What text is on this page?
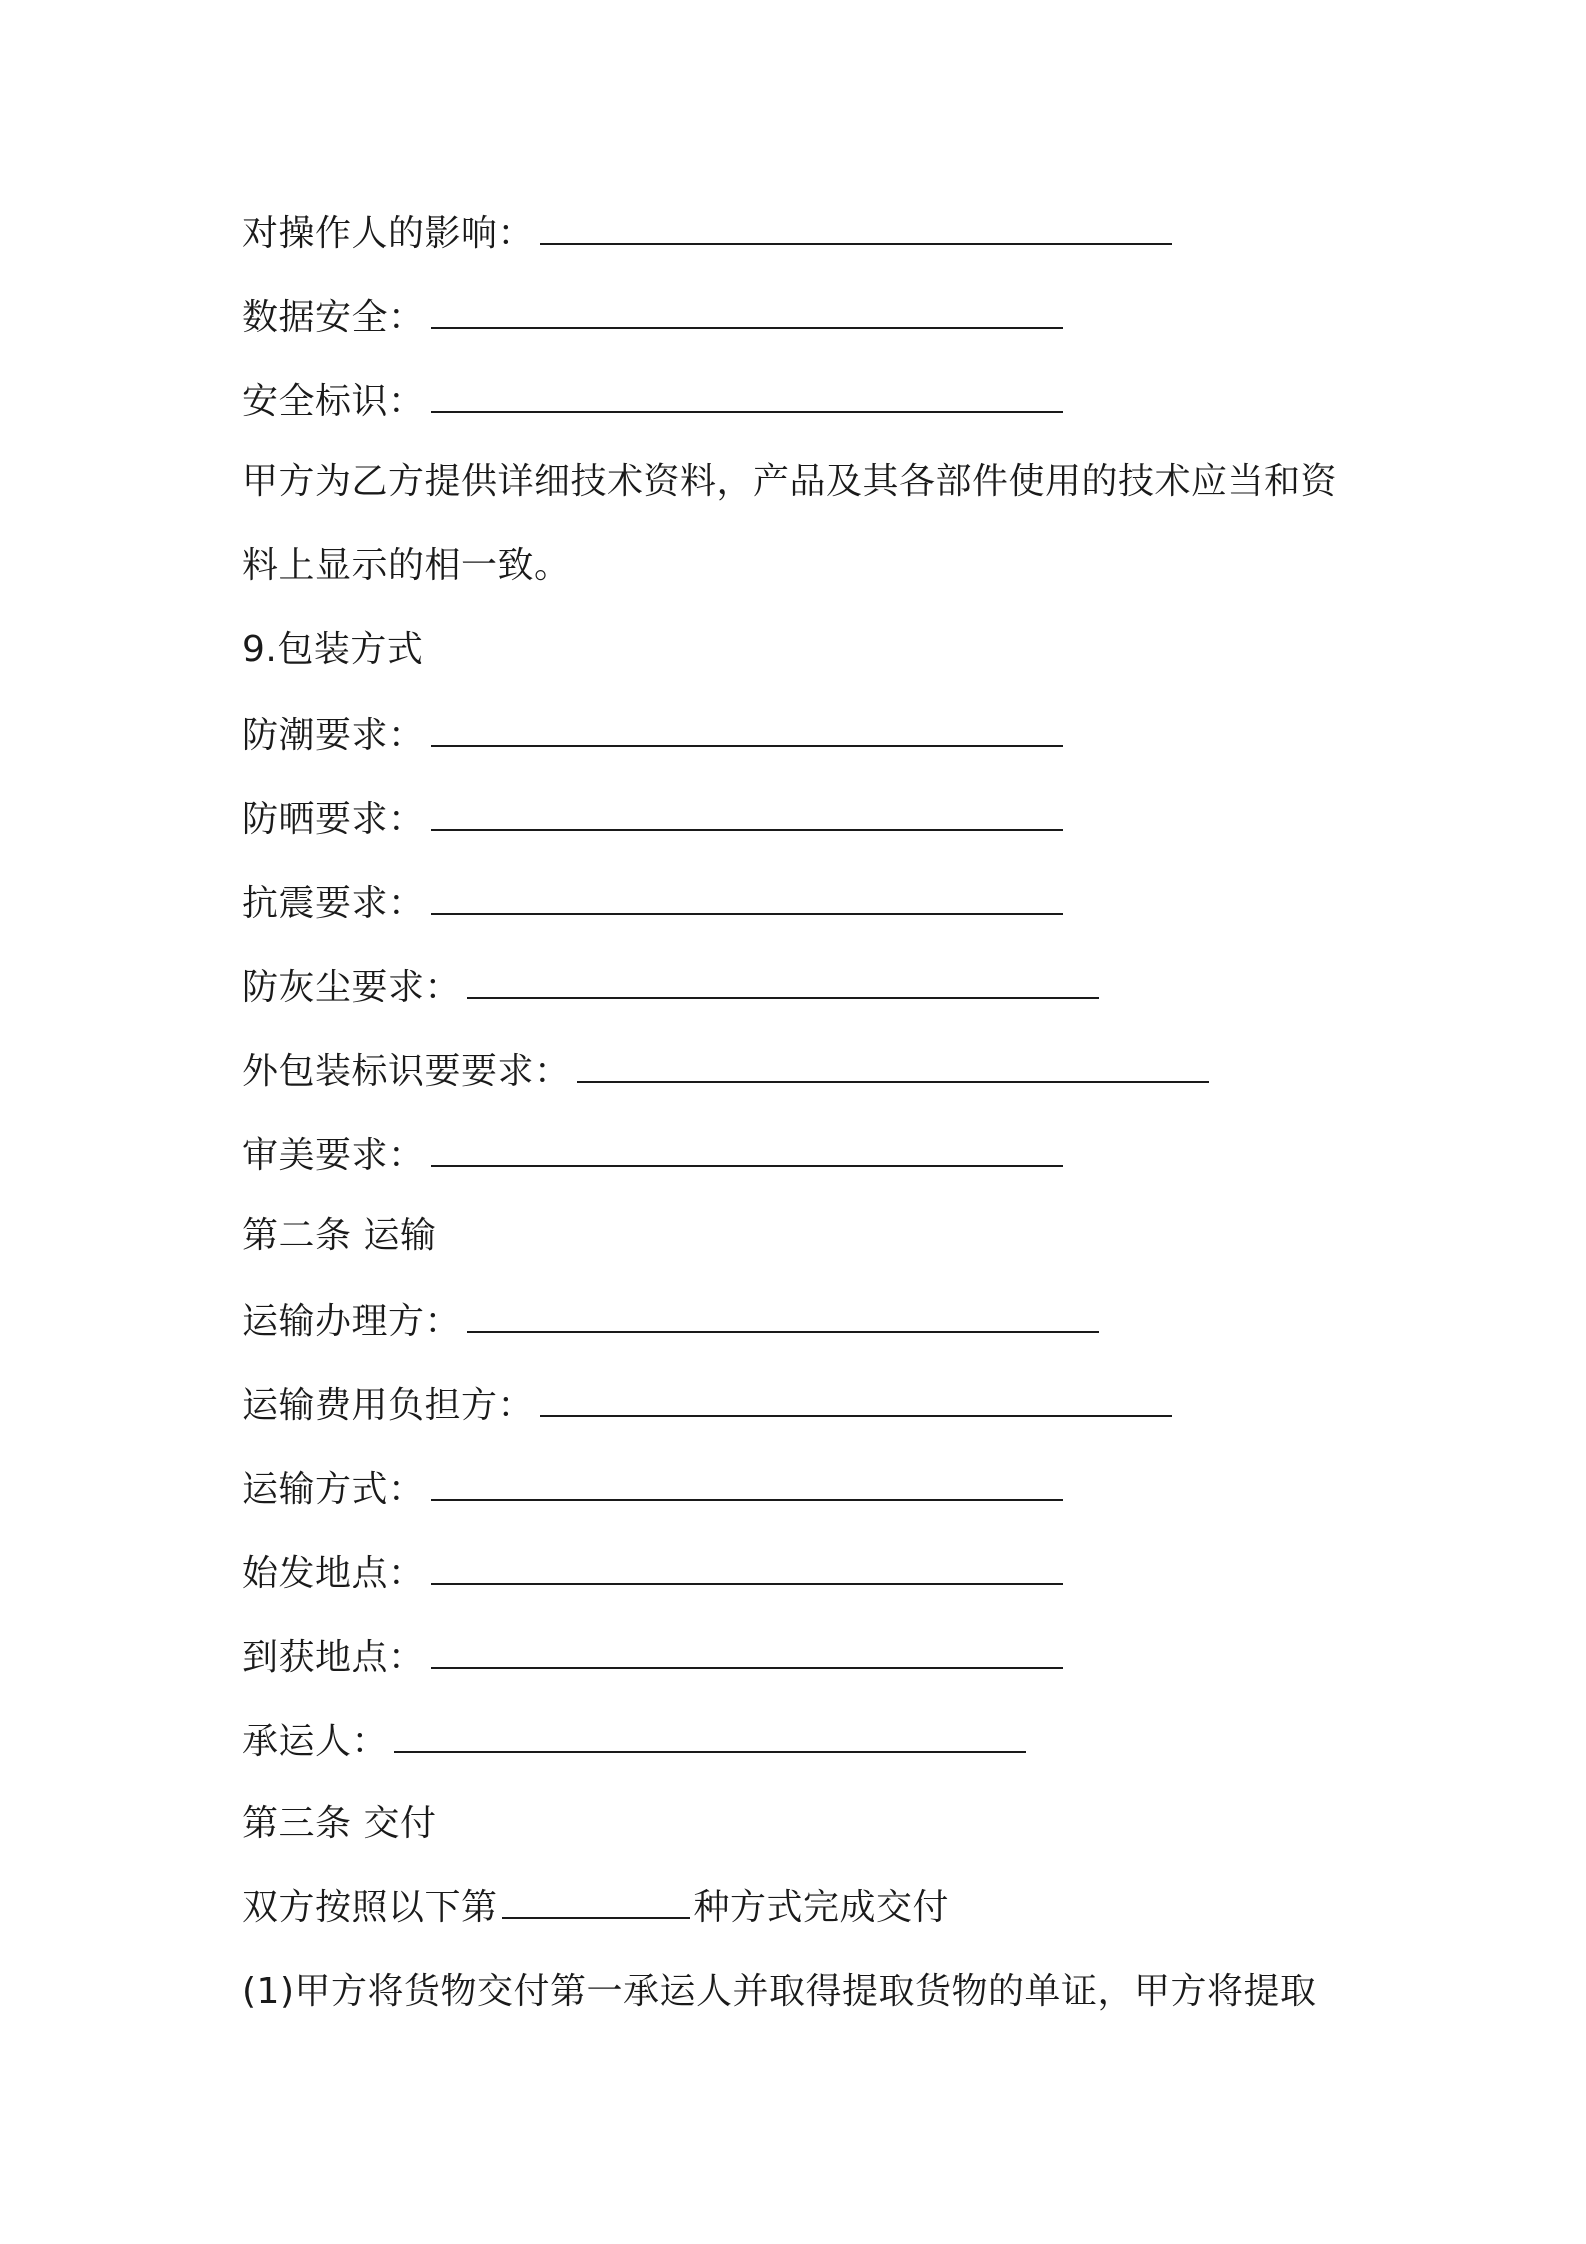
对操作人的影响：
数据安全：
安全标识：
甲方为乙方提供详细技术资料，产品及其各部件使用的技术应当和资
料上显示的相一致。
9.包装方式
防潮要求：
防晒要求：
抗震要求：
防灰尘要求：
外包装标识要要求：
审美要求：
第二条 运输
运输办理方：
运输费用负担方：
运输方式：
始发地点：
到获地点：
承运人：
第三条 交付
双方按照以下第	种方式完成交付
(1)甲方将货物交付第一承运人并取得提取货物的单证，甲方将提取
